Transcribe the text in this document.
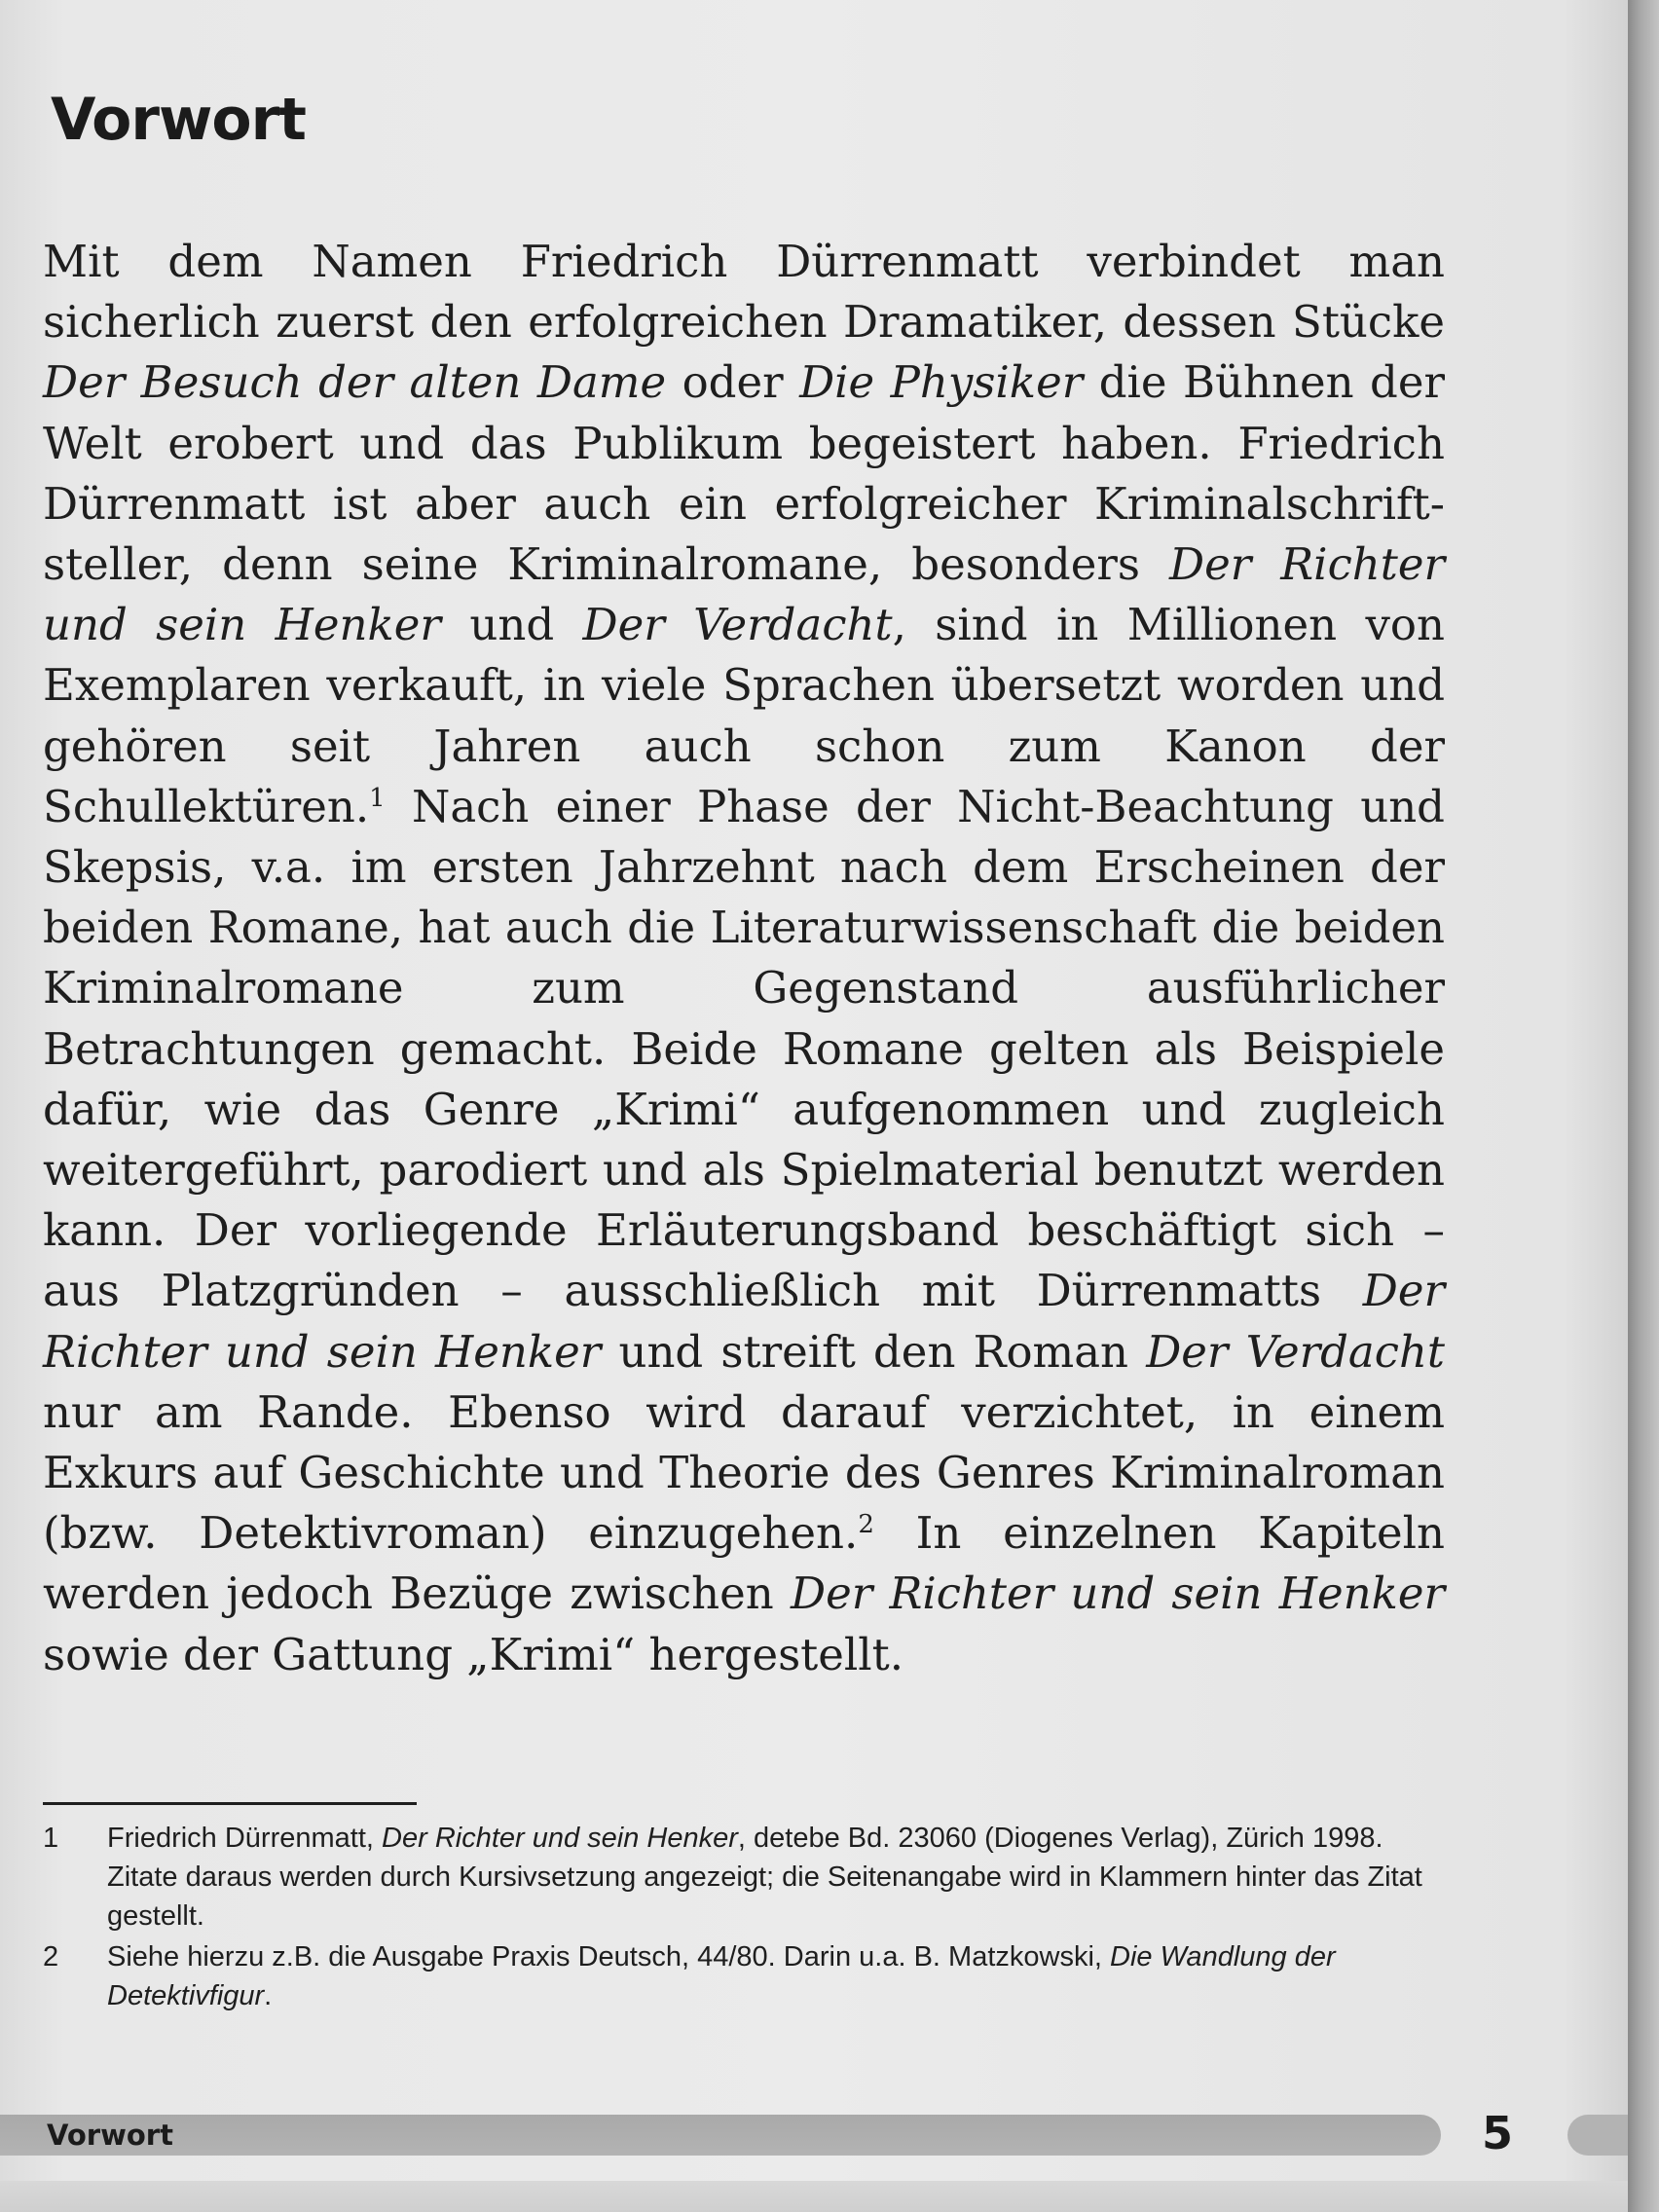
Vorwort

Mit dem Namen Friedrich Dürrenmatt verbindet man sicherlich zuerst den erfolgreichen Dramatiker, dessen Stücke Der Besuch der alten Dame oder Die Physiker die Bühnen der Welt erobert und das Publikum begeistert haben. Friedrich Dürrenmatt ist aber auch ein erfolgreicher Kriminalschriftsteller, denn seine Kriminalromane, besonders Der Richter und sein Henker und Der Verdacht, sind in Millionen von Exemplaren verkauft, in viele Sprachen übersetzt worden und gehören seit Jahren auch schon zum Kanon der Schullektüren.$^1$ Nach einer Phase der Nicht-Beachtung und Skepsis, v.a. im ersten Jahrzehnt nach dem Erscheinen der beiden Romane, hat auch die Literaturwissenschaft die beiden Kriminalromane zum Gegenstand ausführlicher Betrachtungen gemacht. Beide Romane gelten als Beispiele dafür, wie das Genre „Krimi“ aufgenommen und zugleich weitergeführt, parodiert und als Spielmaterial benutzt werden kann. Der vorliegende Erläuterungsband beschäftigt sich – aus Platzgründen – ausschließlich mit Dürrenmatts Der Richter und sein Henker und streift den Roman Der Verdacht nur am Rande. Ebenso wird darauf verzichtet, in einem Exkurs auf Geschichte und Theorie des Genres Kriminalroman (bzw. Detektivroman) einzugehen.$^2$ In einzelnen Kapiteln werden jedoch Bezüge zwischen Der Richter und sein Henker sowie der Gattung „Krimi“ hergestellt.

1	Friedrich Dürrenmatt, Der Richter und sein Henker, detebe Bd. 23060 (Diogenes Verlag), Zürich 1998. Zitate daraus werden durch Kursivsetzung angezeigt; die Seitenangabe wird in Klammern hinter das Zitat gestellt.
2	Siehe hierzu z.B. die Ausgabe Praxis Deutsch, 44/80. Darin u.a. B. Matzkowski, Die Wandlung der Detektivfigur.
Vorwort	5
